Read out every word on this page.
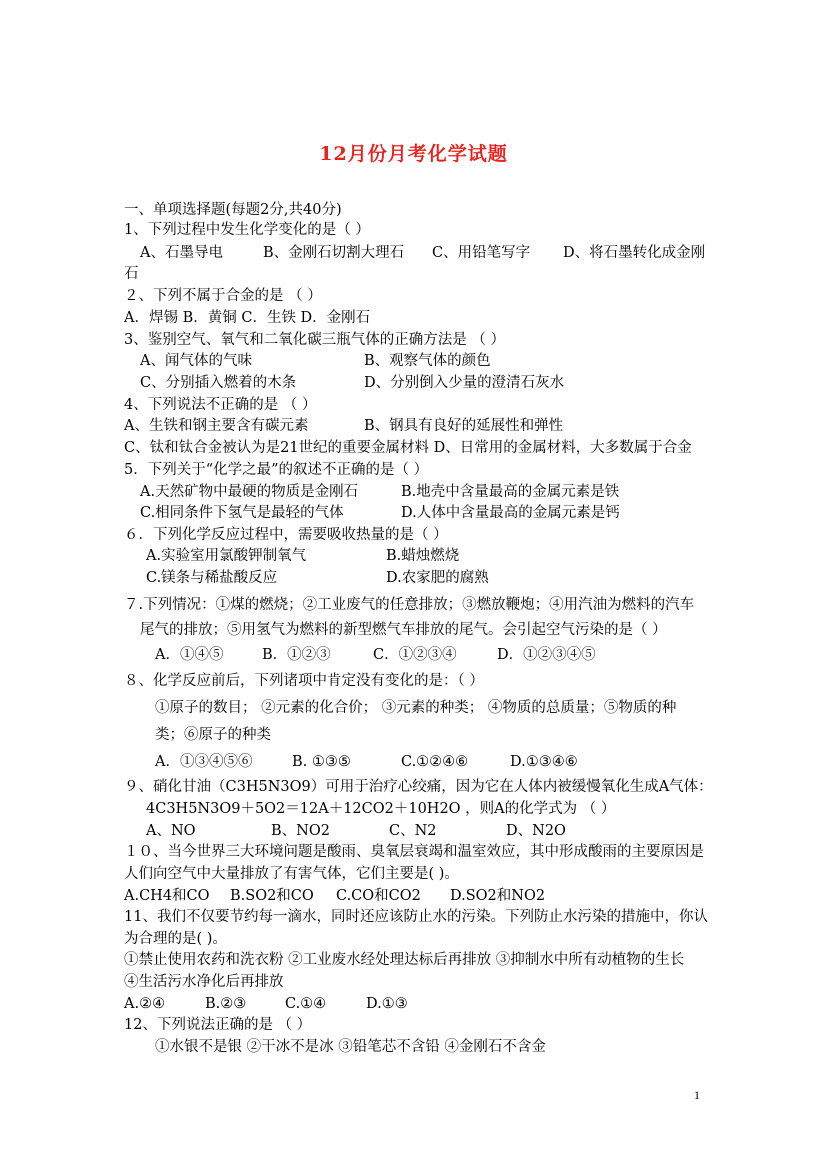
12月份月考化学试题
一、单项选择题(每题2分,共40分)
1、下列过程中发生化学变化的是（ ）
A、石墨导电	B、金刚石切割大理石 C、用铅笔写字 D、将石墨转化成金刚
石
２、下列不属于合金的是 （ ）
A．焊锡 B．黄铜 C．生铁 D．金刚石
3、鉴别空气、氧气和二氧化碳三瓶气体的正确方法是 （ ）
A、闻气体的气味	B、观察气体的颜色
C、分别插入燃着的木条	D、分别倒入少量的澄清石灰水
4、下列说法不正确的是 （ ）
A、生铁和钢主要含有碳元素	B、钢具有良好的延展性和弹性
C、钛和钛合金被认为是21世纪的重要金属材料 D、日常用的金属材料，大多数属于合金
5．下列关于“化学之最”的叙述不正确的是（ ）
A.天然矿物中最硬的物质是金刚石	B.地壳中含量最高的金属元素是铁
C.相同条件下氢气是最轻的气体	D.人体中含量最高的金属元素是钙
６．下列化学反应过程中，需要吸收热量的是（ ）
A.实验室用氯酸钾制氧气	B.蜡烛燃烧
C.镁条与稀盐酸反应	D.农家肥的腐熟
７.下列情况：①煤的燃烧；②工业废气的任意排放；③燃放鞭炮；④用汽油为燃料的汽车
尾气的排放；⑤用氢气为燃料的新型燃气车排放的尾气。会引起空气污染的是（ ）
A．①④⑤	B．①②③	C．①②③④	D．①②③④⑤
８、化学反应前后，下列诸项中肯定没有变化的是：（ ）
①原子的数目； ②元素的化合价； ③元素的种类； ④物质的总质量；⑤物质的种
类；⑥原子的种类
A．①③④⑤⑥	B. ①③⑤	C.①②④⑥	D.①③④⑥
９、硝化甘油（C3H5N3O9）可用于治疗心绞痛，因为它在人体内被缓慢氧化生成A气体：
4C3H5N3O9＋5O2＝12A＋12CO2＋10H2O ，则A的化学式为 （ ）
A、NO	B、NO2	C、N2	D、N2O
１０、当今世界三大环境问题是酸雨、臭氧层衰竭和温室效应，其中形成酸雨的主要原因是
人们向空气中大量排放了有害气体，它们主要是( )。
A.CH4和CO B.SO2和CO C.CO和CO2 D.SO2和NO2
11、我们不仅要节约每一滴水，同时还应该防止水的污染。下列防止水污染的措施中，你认
为合理的是( )。
①禁止使用农药和洗衣粉 ②工业废水经处理达标后再排放 ③抑制水中所有动植物的生长
④生活污水净化后再排放
A.②④	B.②③	C.①④	D.①③
12、下列说法正确的是 （ ）
①水银不是银 ②干冰不是冰 ③铅笔芯不含铅 ④金刚石不含金
1
